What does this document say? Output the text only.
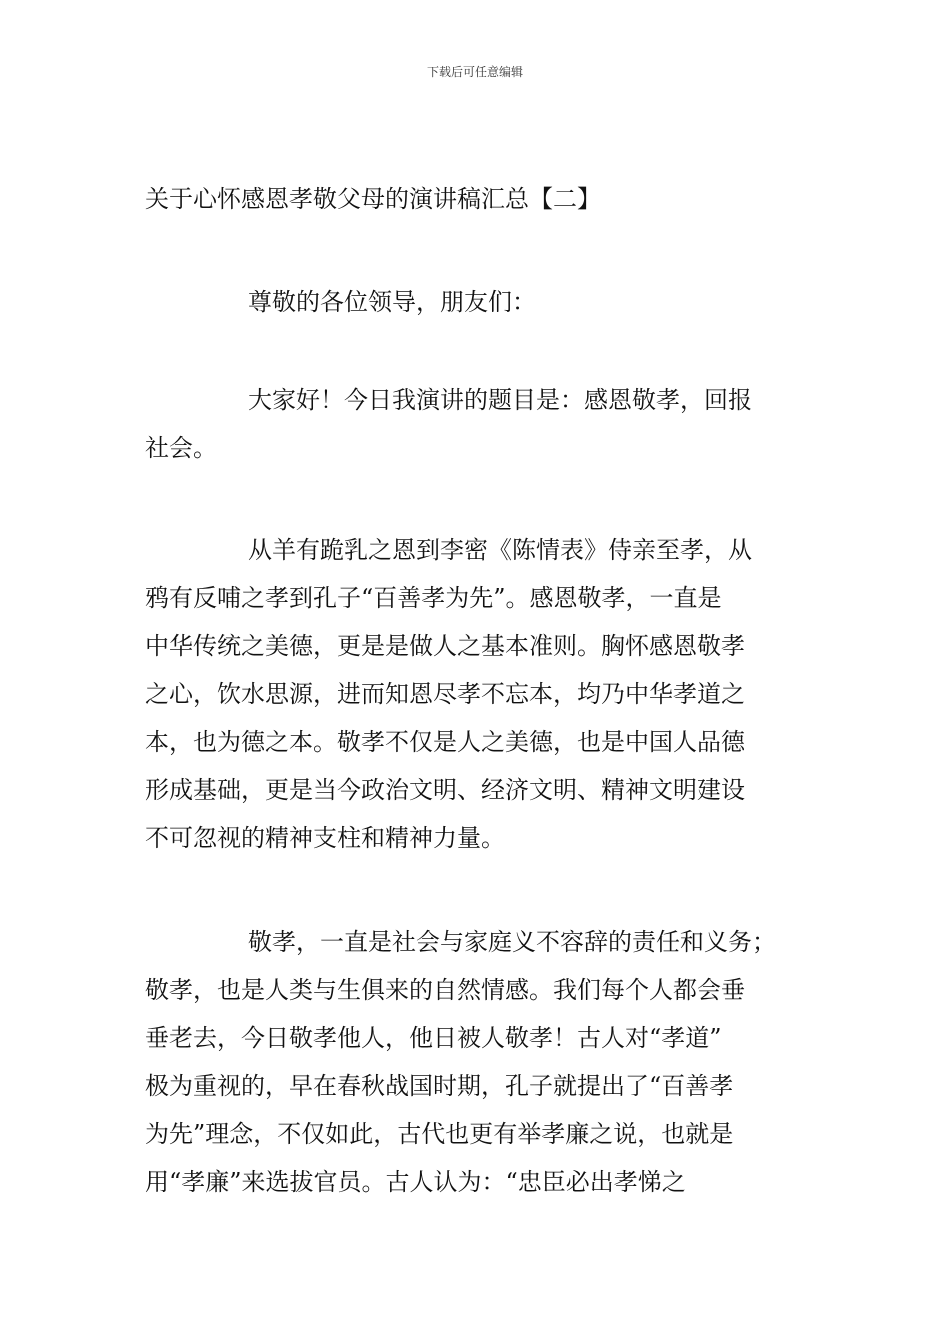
下载后可任意编辑
关于心怀感恩孝敬父母的演讲稿汇总【二】
尊敬的各位领导，朋友们：
大家好！今日我演讲的题目是：感恩敬孝，回报
社会。
从羊有跪乳之恩到李密《陈情表》侍亲至孝，从
鸦有反哺之孝到孔子“百善孝为先”。感恩敬孝，一直是
中华传统之美德，更是是做人之基本准则。胸怀感恩敬孝
之心，饮水思源，进而知恩尽孝不忘本，均乃中华孝道之
本，也为德之本。敬孝不仅是人之美德，也是中国人品德
形成基础，更是当今政治文明、经济文明、精神文明建设
不可忽视的精神支柱和精神力量。
敬孝，一直是社会与家庭义不容辞的责任和义务；
敬孝，也是人类与生俱来的自然情感。我们每个人都会垂
垂老去，今日敬孝他人，他日被人敬孝！古人对“孝道”
极为重视的，早在春秋战国时期，孔子就提出了“百善孝
为先”理念，不仅如此，古代也更有举孝廉之说，也就是
用“孝廉”来选拔官员。古人认为：“忠臣必出孝悌之
